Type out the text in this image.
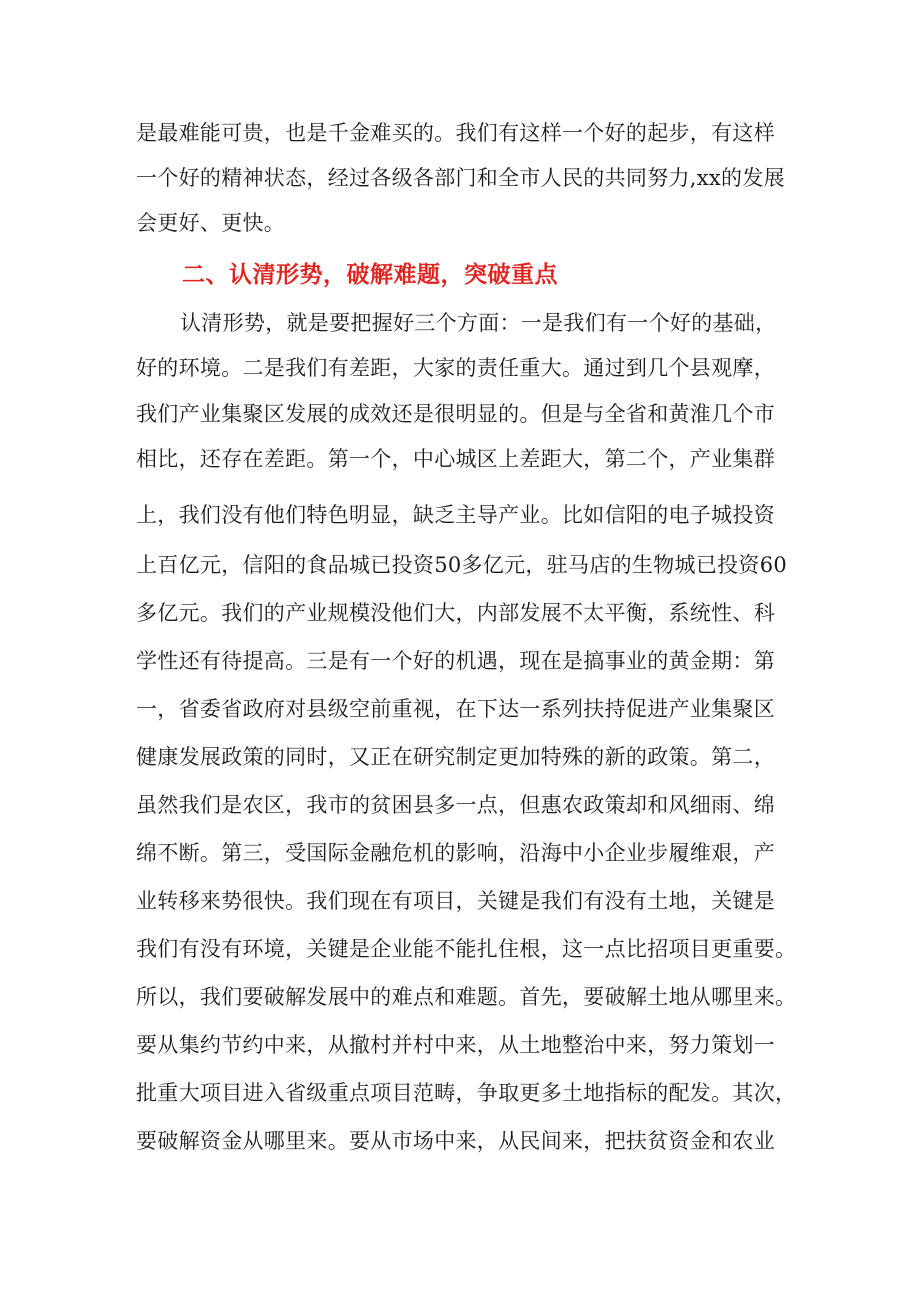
是最难能可贵，也是千金难买的。我们有这样一个好的起步，有这样
一个好的精神状态，经过各级各部门和全市人民的共同努力,xx的发展
会更好、更快。
二、认清形势，破解难题，突破重点
认清形势，就是要把握好三个方面：一是我们有一个好的基础，
好的环境。二是我们有差距，大家的责任重大。通过到几个县观摩，
我们产业集聚区发展的成效还是很明显的。但是与全省和黄淮几个市
相比，还存在差距。第一个，中心城区上差距大，第二个，产业集群
上，我们没有他们特色明显，缺乏主导产业。比如信阳的电子城投资
上百亿元，信阳的食品城已投资50多亿元，驻马店的生物城已投资60
多亿元。我们的产业规模没他们大，内部发展不太平衡，系统性、科
学性还有待提高。三是有一个好的机遇，现在是搞事业的黄金期：第
一，省委省政府对县级空前重视，在下达一系列扶持促进产业集聚区
健康发展政策的同时，又正在研究制定更加特殊的新的政策。第二，
虽然我们是农区，我市的贫困县多一点，但惠农政策却和风细雨、绵
绵不断。第三，受国际金融危机的影响，沿海中小企业步履维艰，产
业转移来势很快。我们现在有项目，关键是我们有没有土地，关键是
我们有没有环境，关键是企业能不能扎住根，这一点比招项目更重要。
所以，我们要破解发展中的难点和难题。首先，要破解土地从哪里来。
要从集约节约中来，从撤村并村中来，从土地整治中来，努力策划一
批重大项目进入省级重点项目范畴，争取更多土地指标的配发。其次，
要破解资金从哪里来。要从市场中来，从民间来，把扶贫资金和农业
